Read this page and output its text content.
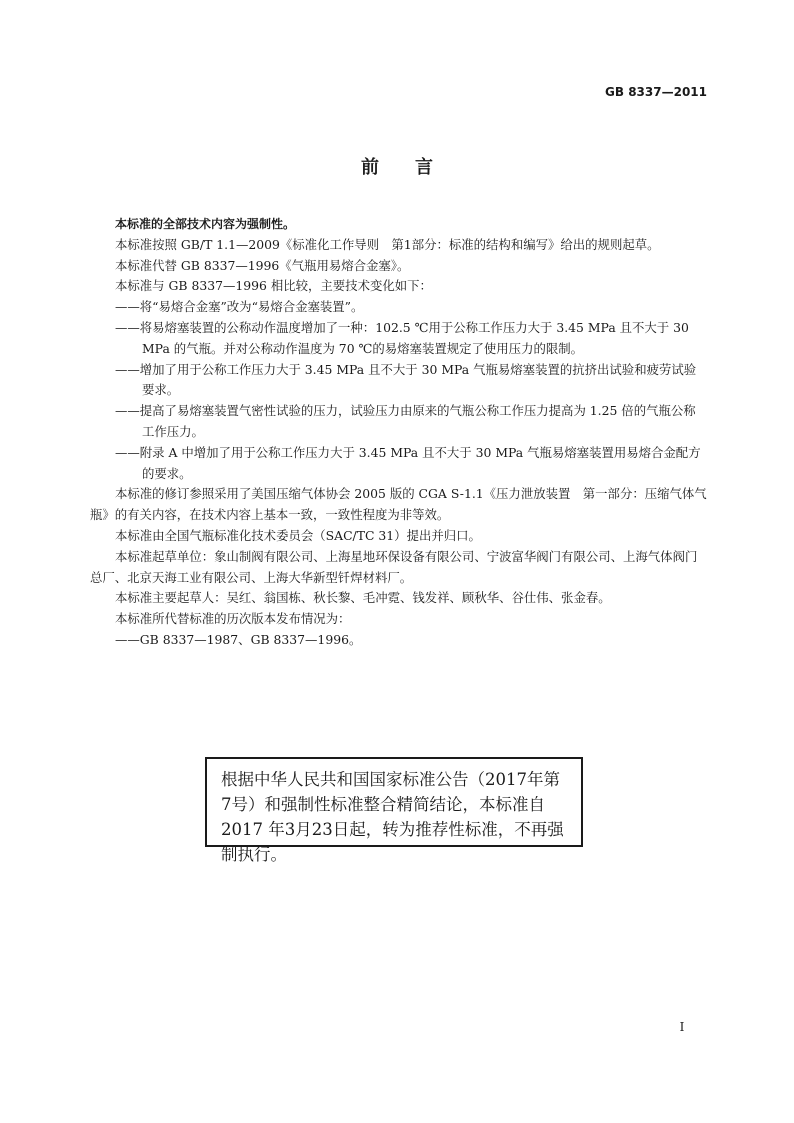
GB 8337—2011
前言

本标准的全部技术内容为强制性。

本标准按照 GB/T 1.1—2009《标准化工作导则　第1部分：标准的结构和编写》给出的规则起草。

本标准代替 GB 8337—1996《气瓶用易熔合金塞》。

本标准与 GB 8337—1996 相比较，主要技术变化如下：

——将“易熔合金塞”改为“易熔合金塞装置”。

——将易熔塞装置的公称动作温度增加了一种：102.5 ℃用于公称工作压力大于 3.45 MPa 且不大于 30 MPa 的气瓶。并对公称动作温度为 70 ℃的易熔塞装置规定了使用压力的限制。

——增加了用于公称工作压力大于 3.45 MPa 且不大于 30 MPa 气瓶易熔塞装置的抗挤出试验和疲劳试验要求。

——提高了易熔塞装置气密性试验的压力，试验压力由原来的气瓶公称工作压力提高为 1.25 倍的气瓶公称工作压力。

——附录 A 中增加了用于公称工作压力大于 3.45 MPa 且不大于 30 MPa 气瓶易熔塞装置用易熔合金配方的要求。

本标准的修订参照采用了美国压缩气体协会 2005 版的 CGA S-1.1《压力泄放装置　第一部分：压缩气体气瓶》的有关内容，在技术内容上基本一致，一致性程度为非等效。

本标准由全国气瓶标准化技术委员会（SAC/TC 31）提出并归口。

本标准起草单位：象山制阀有限公司、上海星地环保设备有限公司、宁波富华阀门有限公司、上海气体阀门总厂、北京天海工业有限公司、上海大华新型钎焊材料厂。

本标准主要起草人：吴红、翁国栋、秋长黎、毛冲霓、钱发祥、顾秋华、谷仕伟、张金春。

本标准所代替标准的历次版本发布情况为：

——GB 8337—1987、GB 8337—1996。

根据中华人民共和国国家标准公告（2017年第7号）和强制性标准整合精简结论，本标准自 2017 年3月23日起，转为推荐性标准，不再强制执行。
I
